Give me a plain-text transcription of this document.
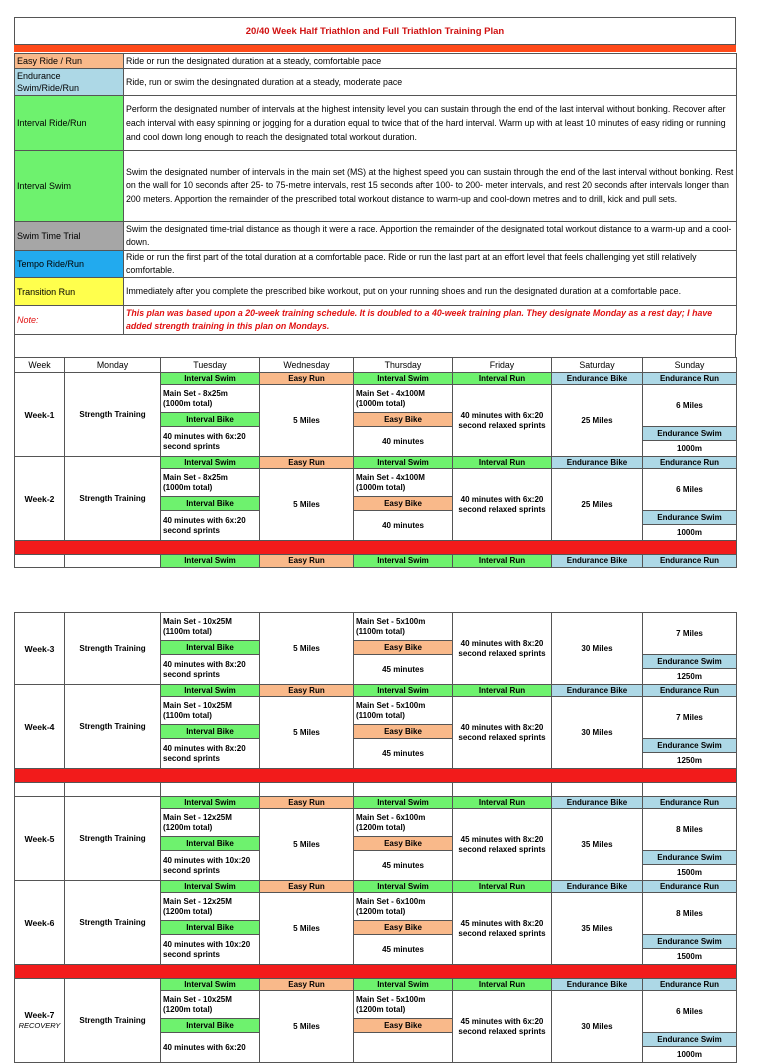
20/40 Week Half Triathlon and Full Triathlon Training Plan
Easy Ride / Run	Ride or run the designated duration at a steady, comfortable pace
Endurance Swim/Ride/Run	Ride, run or swim the desingnated duration at a steady, moderate pace
Interval Ride/Run	Perform the designated number of intervals at the highest intensity level you can sustain through the end of the last interval without bonking. Recover after each interval with easy spinning or jogging for a duration equal to twice that of the hard interval. Warm up with at least 10 minutes of easy riding or running and cool down long enough to reach the designated total workout duration.
Interval Swim	Swim the designated number of intervals in the main set (MS) at the highest speed you can sustain through the end of the last interval without bonking. Rest on the wall for 10 seconds after 25- to 75-metre intervals, rest 15 seconds after 100- to 200- meter intervals, and rest 20 seconds after intervals longer than 200 meters. Apportion the remainder of the prescribed total workout distance to warm-up and cool-down metres and to drill, kick and pull sets.
Swim Time Trial	Swim the designated time-trial distance as though it were a race. Apportion the remainder of the designated total workout distance to a warm-up and a cool-down.
Tempo Ride/Run	Ride or run the first part of the total duration at a comfortable pace. Ride or run the last part at an effort level that feels challenging yet still relatively comfortable.
Transition Run	Immediately after you complete the prescribed bike workout, put on your running shoes and run the designated duration at a comfortable pace.
Note:	This plan was based upon a 20-week training schedule. It is doubled to a 40-week training plan. They designate Monday as a rest day; I have added strength training in this plan on Mondays.
Week	Monday	Tuesday	Wednesday	Thursday	Friday	Saturday	Sunday
Week-1	Strength Training	Interval Swim	Easy Run	Interval Swim	Interval Run	Endurance Bike	Endurance Run
		Main Set - 8x25m (1000m total)	5 Miles	Main Set - 4x100M (1000m total)	40 minutes with 6x:20 second relaxed sprints	25 Miles	6 Miles
		Interval Bike		Easy Bike			
		40 minutes with 6x:20 second sprints		40 minutes			Endurance Swim
							1000m
Week-2	Strength Training	Interval Swim	Easy Run	Interval Swim	Interval Run	Endurance Bike	Endurance Run
		Main Set - 8x25m (1000m total)	5 Miles	Main Set - 4x100M (1000m total)	40 minutes with 6x:20 second relaxed sprints	25 Miles	6 Miles
		Interval Bike		Easy Bike			
		40 minutes with 6x:20 second sprints		40 minutes			Endurance Swim
							1000m

		Interval Swim	Easy Run	Interval Swim	Interval Run	Endurance Bike	Endurance Run
Week-3	Strength Training	Main Set - 10x25M (1100m total)	5 Miles	Main Set - 5x100m (1100m total)	40 minutes with 8x:20 second relaxed sprints	30 Miles	7 Miles
		Interval Bike		Easy Bike			
		40 minutes with 8x:20 second sprints		45 minutes			Endurance Swim
							1250m
Week-4	Strength Training	Interval Swim	Easy Run	Interval Swim	Interval Run	Endurance Bike	Endurance Run
		Main Set - 10x25M (1100m total)	5 Miles	Main Set - 5x100m (1100m total)	40 minutes with 8x:20 second relaxed sprints	30 Miles	7 Miles
		Interval Bike		Easy Bike			
		40 minutes with 8x:20 second sprints		45 minutes			Endurance Swim
							1250m

Week-5	Strength Training	Interval Swim	Easy Run	Interval Swim	Interval Run	Endurance Bike	Endurance Run
		Main Set - 12x25M (1200m total)	5 Miles	Main Set - 6x100m (1200m total)	45 minutes with 8x:20 second relaxed sprints	35 Miles	8 Miles
		Interval Bike		Easy Bike			
		40 minutes with 10x:20 second sprints		45 minutes			Endurance Swim
							1500m
Week-6	Strength Training	Interval Swim	Easy Run	Interval Swim	Interval Run	Endurance Bike	Endurance Run
		Main Set - 12x25M (1200m total)	5 Miles	Main Set - 6x100m (1200m total)	45 minutes with 8x:20 second relaxed sprints	35 Miles	8 Miles
		Interval Bike		Easy Bike			
		40 minutes with 10x:20 second sprints		45 minutes			Endurance Swim
							1500m

Week-7
RECOVERY	Strength Training	Interval Swim	Easy Run	Interval Swim	Interval Run	Endurance Bike	Endurance Run
		Main Set - 10x25M (1200m total)	5 Miles	Main Set - 5x100m (1200m total)	45 minutes with 6x:20 second relaxed sprints	30 Miles	6 Miles
		Interval Bike		Easy Bike			
		40 minutes with 6x:20					Endurance Swim
							1000m
